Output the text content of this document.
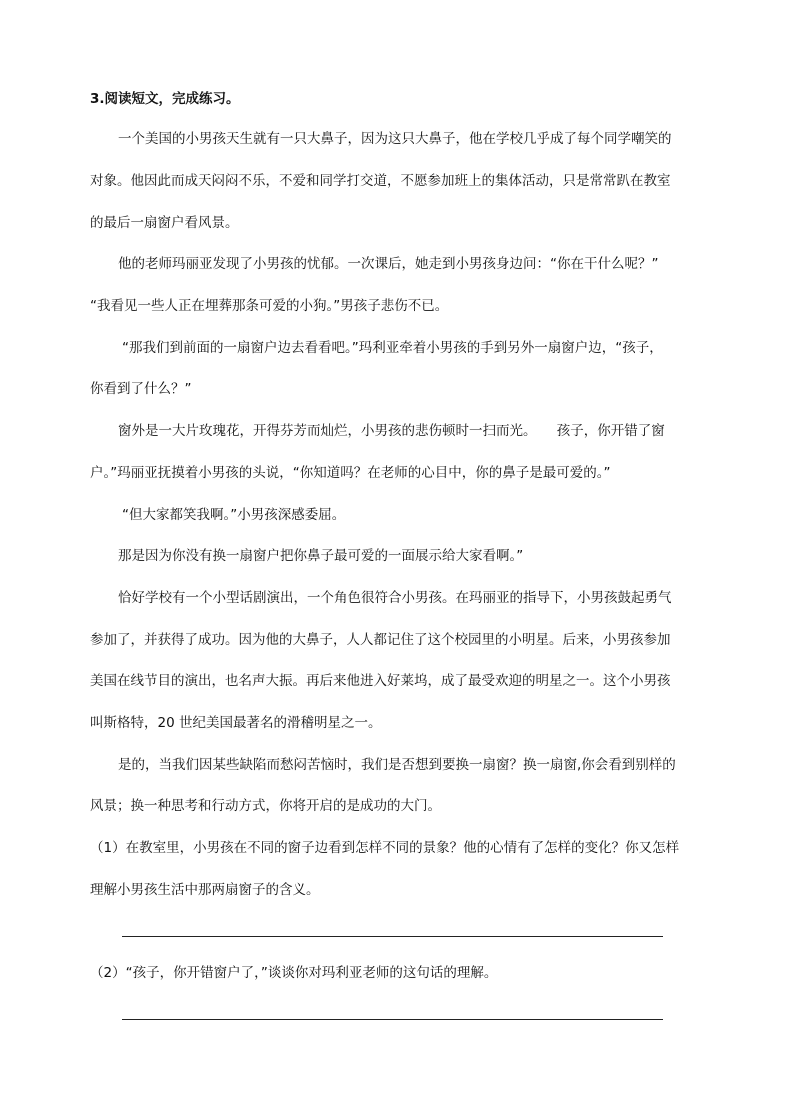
3.阅读短文，完成练习。
一个美国的小男孩天生就有一只大鼻子，因为这只大鼻子，他在学校几乎成了每个同学嘲笑的
对象。他因此而成天闷闷不乐，不爱和同学打交道，不愿参加班上的集体活动，只是常常趴在教室
的最后一扇窗户看风景。
他的老师玛丽亚发现了小男孩的忧郁。一次课后，她走到小男孩身边问：“你在干什么呢？”
“我看见一些人正在埋葬那条可爱的小狗。”男孩子悲伤不已。
“那我们到前面的一扇窗户边去看看吧。”玛利亚牵着小男孩的手到另外一扇窗户边，“孩子，
你看到了什么？”
窗外是一大片玫瑰花，开得芬芳而灿烂，小男孩的悲伤顿时一扫而光。　　孩子，你开错了窗
户。”玛丽亚抚摸着小男孩的头说，“你知道吗？在老师的心目中，你的鼻子是最可爱的。”
“但大家都笑我啊。”小男孩深感委屈。
那是因为你没有换一扇窗户把你鼻子最可爱的一面展示给大家看啊。”
恰好学校有一个小型话剧演出，一个角色很符合小男孩。在玛丽亚的指导下，小男孩鼓起勇气
参加了，并获得了成功。因为他的大鼻子，人人都记住了这个校园里的小明星。后来，小男孩参加
美国在线节目的演出，也名声大振。再后来他进入好莱坞，成了最受欢迎的明星之一。这个小男孩
叫斯格特，20 世纪美国最著名的滑稽明星之一。
是的，当我们因某些缺陷而愁闷苦恼时，我们是否想到要换一扇窗？换一扇窗,你会看到别样的
风景；换一种思考和行动方式，你将开启的是成功的大门。
（1）在教室里，小男孩在不同的窗子边看到怎样不同的景象？他的心情有了怎样的变化？你又怎样
理解小男孩生活中那两扇窗子的含义。
（2）“孩子，你开错窗户了，”谈谈你对玛利亚老师的这句话的理解。
